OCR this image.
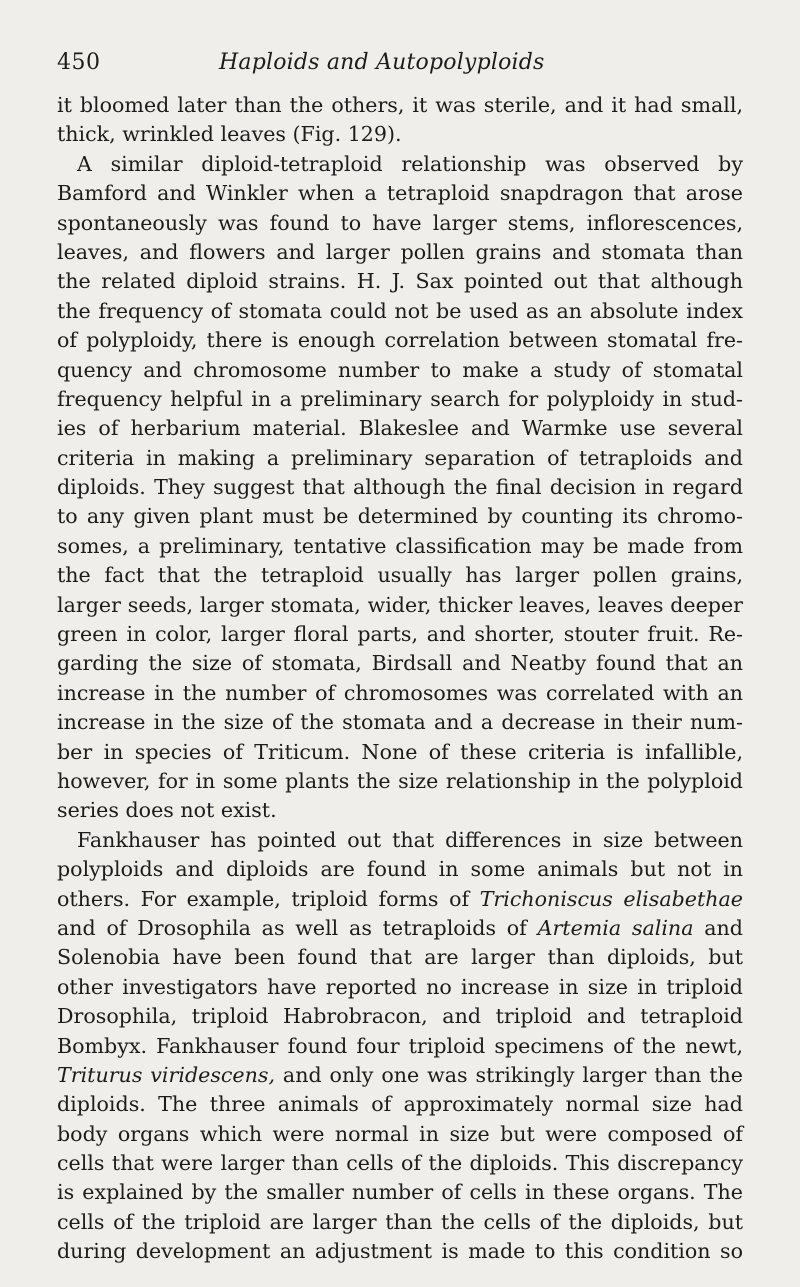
450	Haploids and Autopolyploids
it bloomed later than the others, it was sterile, and it had small,
thick, wrinkled leaves (Fig. 129).
A similar diploid-tetraploid relationship was observed by
Bamford and Winkler when a tetraploid snapdragon that arose
spontaneously was found to have larger stems, inflorescences,
leaves, and flowers and larger pollen grains and stomata than
the related diploid strains. H. J. Sax pointed out that although
the frequency of stomata could not be used as an absolute index
of polyploidy, there is enough correlation between stomatal fre-
quency and chromosome number to make a study of stomatal
frequency helpful in a preliminary search for polyploidy in stud-
ies of herbarium material. Blakeslee and Warmke use several
criteria in making a preliminary separation of tetraploids and
diploids. They suggest that although the final decision in regard
to any given plant must be determined by counting its chromo-
somes, a preliminary, tentative classification may be made from
the fact that the tetraploid usually has larger pollen grains,
larger seeds, larger stomata, wider, thicker leaves, leaves deeper
green in color, larger floral parts, and shorter, stouter fruit. Re-
garding the size of stomata, Birdsall and Neatby found that an
increase in the number of chromosomes was correlated with an
increase in the size of the stomata and a decrease in their num-
ber in species of Triticum. None of these criteria is infallible,
however, for in some plants the size relationship in the polyploid
series does not exist.
Fankhauser has pointed out that differences in size between
polyploids and diploids are found in some animals but not in
others. For example, triploid forms of Trichoniscus elisabethae
and of Drosophila as well as tetraploids of Artemia salina and
Solenobia have been found that are larger than diploids, but
other investigators have reported no increase in size in triploid
Drosophila, triploid Habrobracon, and triploid and tetraploid
Bombyx. Fankhauser found four triploid specimens of the newt,
Triturus viridescens, and only one was strikingly larger than the
diploids. The three animals of approximately normal size had
body organs which were normal in size but were composed of
cells that were larger than cells of the diploids. This discrepancy
is explained by the smaller number of cells in these organs. The
cells of the triploid are larger than the cells of the diploids, but
during development an adjustment is made to this condition so
